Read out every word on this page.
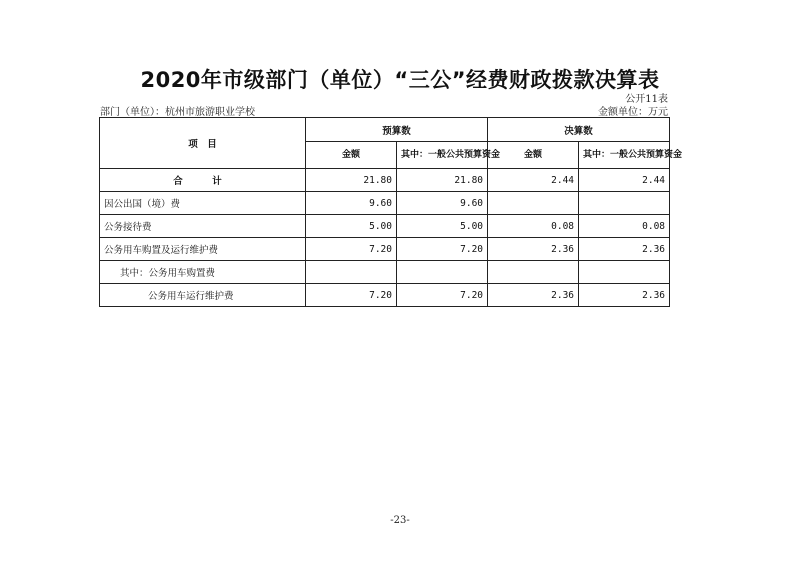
2020年市级部门（单位）“三公”经费财政拨款决算表
公开11表
部门（单位）：杭州市旅游职业学校	金额单位：万元
项　目	预算数		决算数	
	金额	其中：一般公共预算资金	金额	其中：一般公共预算资金
合　计	21.80	21.80	2.44	2.44
因公出国（境）费	9.60	9.60		
公务接待费	5.00	5.00	0.08	0.08
公务用车购置及运行维护费	7.20	7.20	2.36	2.36
其中：公务用车购置费				
公务用车运行维护费	7.20	7.20	2.36	2.36
-23-
